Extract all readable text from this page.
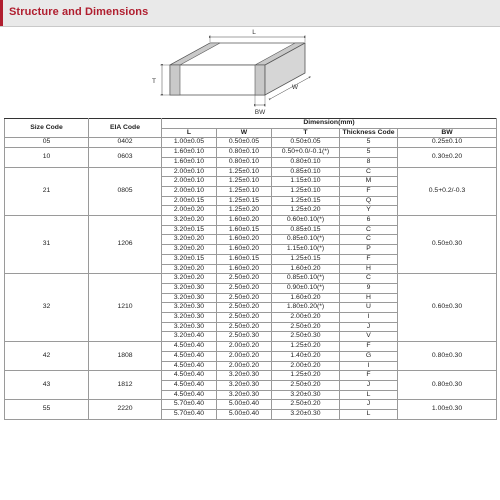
Structure and Dimensions
L
T
W
BW
Size Code	EIA Code	Dimension(mm)				
		L	W	T	Thickness Code	BW
05	0402	1.00±0.05	0.50±0.05	0.50±0.05	5	0.25±0.10
10	0603	1.60±0.10	0.80±0.10	0.50+0.0/-0.1(*)	5	0.30±0.20
		1.60±0.10	0.80±0.10	0.80±0.10	8	
21	0805	2.00±0.10	1.25±0.10	0.85±0.10	C	0.5+0.2/-0.3
		2.00±0.10	1.25±0.10	1.15±0.10	M	
		2.00±0.10	1.25±0.10	1.25±0.10	F	
		2.00±0.15	1.25±0.15	1.25±0.15	Q	
		2.00±0.20	1.25±0.20	1.25±0.20	Y	
31	1206	3.20±0.20	1.60±0.20	0.60±0.10(*)	6	0.50±0.30
		3.20±0.15	1.60±0.15	0.85±0.15	C	
		3.20±0.20	1.60±0.20	0.85±0.10(*)	C	
		3.20±0.20	1.60±0.20	1.15±0.10(*)	P	
		3.20±0.15	1.60±0.15	1.25±0.15	F	
		3.20±0.20	1.60±0.20	1.60±0.20	H	
32	1210	3.20±0.20	2.50±0.20	0.85±0.10(*)	C	0.60±0.30
		3.20±0.30	2.50±0.20	0.90±0.10(*)	9	
		3.20±0.30	2.50±0.20	1.60±0.20	H	
		3.20±0.30	2.50±0.20	1.80±0.20(*)	U	
		3.20±0.30	2.50±0.20	2.00±0.20	I	
		3.20±0.30	2.50±0.20	2.50±0.20	J	
		3.20±0.40	2.50±0.30	2.50±0.30	V	
42	1808	4.50±0.40	2.00±0.20	1.25±0.20	F	0.80±0.30
		4.50±0.40	2.00±0.20	1.40±0.20	G	
		4.50±0.40	2.00±0.20	2.00±0.20	I	
43	1812	4.50±0.40	3.20±0.30	1.25±0.20	F	0.80±0.30
		4.50±0.40	3.20±0.30	2.50±0.20	J	
		4.50±0.40	3.20±0.30	3.20±0.30	L	
55	2220	5.70±0.40	5.00±0.40	2.50±0.20	J	1.00±0.30
		5.70±0.40	5.00±0.40	3.20±0.30	L	
